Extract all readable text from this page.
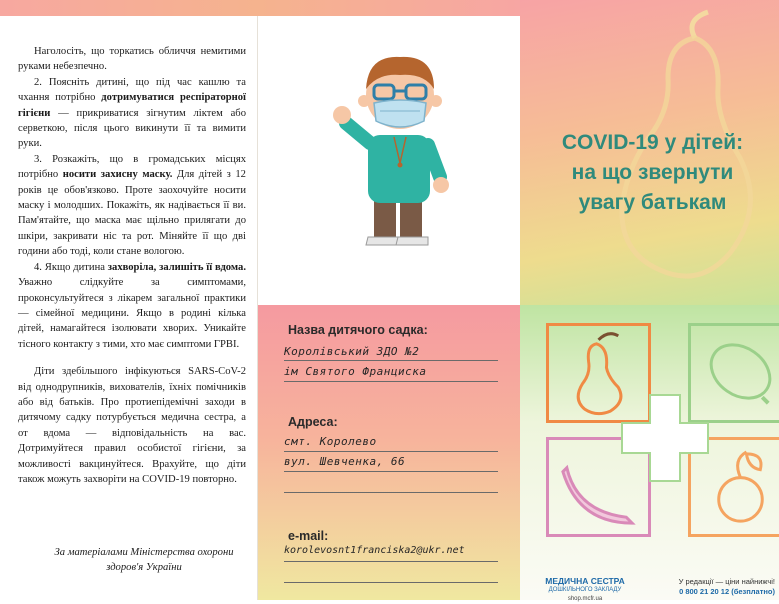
Наголосіть, що торкатись обличчя немитими руками небезпечно.

2. Поясніть дитині, що під час кашлю та чхання потрібно дотримуватися респіраторної гігієни — прикриватися зігнутим ліктем або серветкою, після цього викинути її та вимити руки.

3. Розкажіть, що в громадських місцях потрібно носити захисну маску. Для дітей з 12 років це обов'язково. Проте заохочуйте носити маску і молодших. Покажіть, як надівається її ви. Пам'ятайте, що маска має щільно прилягати до шкіри, закривати ніс та рот. Міняйте її що дві години або тоді, коли стане вологою.

4. Якщо дитина захворіла, залишіть її вдома. Уважно слідкуйте за симптомами, проконсультуйтеся з лікарем загальної практики — сімейної медицини. Якщо в родині кілька дітей, намагайтеся ізолювати хворих. Уникайте тісного контакту з тими, хто має симптоми ГРВІ.

Діти здебільшого інфікуються SARS-CoV-2 від однодрупників, вихователів, їхніх помічників або від батьків. Про протиепідемічні заходи в дитячому садку потурбується медична сестра, а от вдома — відповідальність на вас. Дотримуйтеся правил особистої гігієни, за можливості вакцинуйтеся. Врахуйте, що діти також можуть захворіти на COVID-19 повторно.

За матеріалами Міністерства охорони здоров'я України
Назва дитячого садка:
Королівський ЗДО №2
ім Святого Франциска
Адреса:
смт. Королево
вул. Шевченка, 66
e-mail:
korolevosnt1franciska2@ukr.net
COVID-19 у дітей:
на що звернути
увагу батькам
МЕДИЧНА СЕСТРА
ДОШКІЛЬНОГО ЗАКЛАДУ
shop.mcfr.ua
У редакції — ціни найнижчі!
0 800 21 20 12 (безплатно)
